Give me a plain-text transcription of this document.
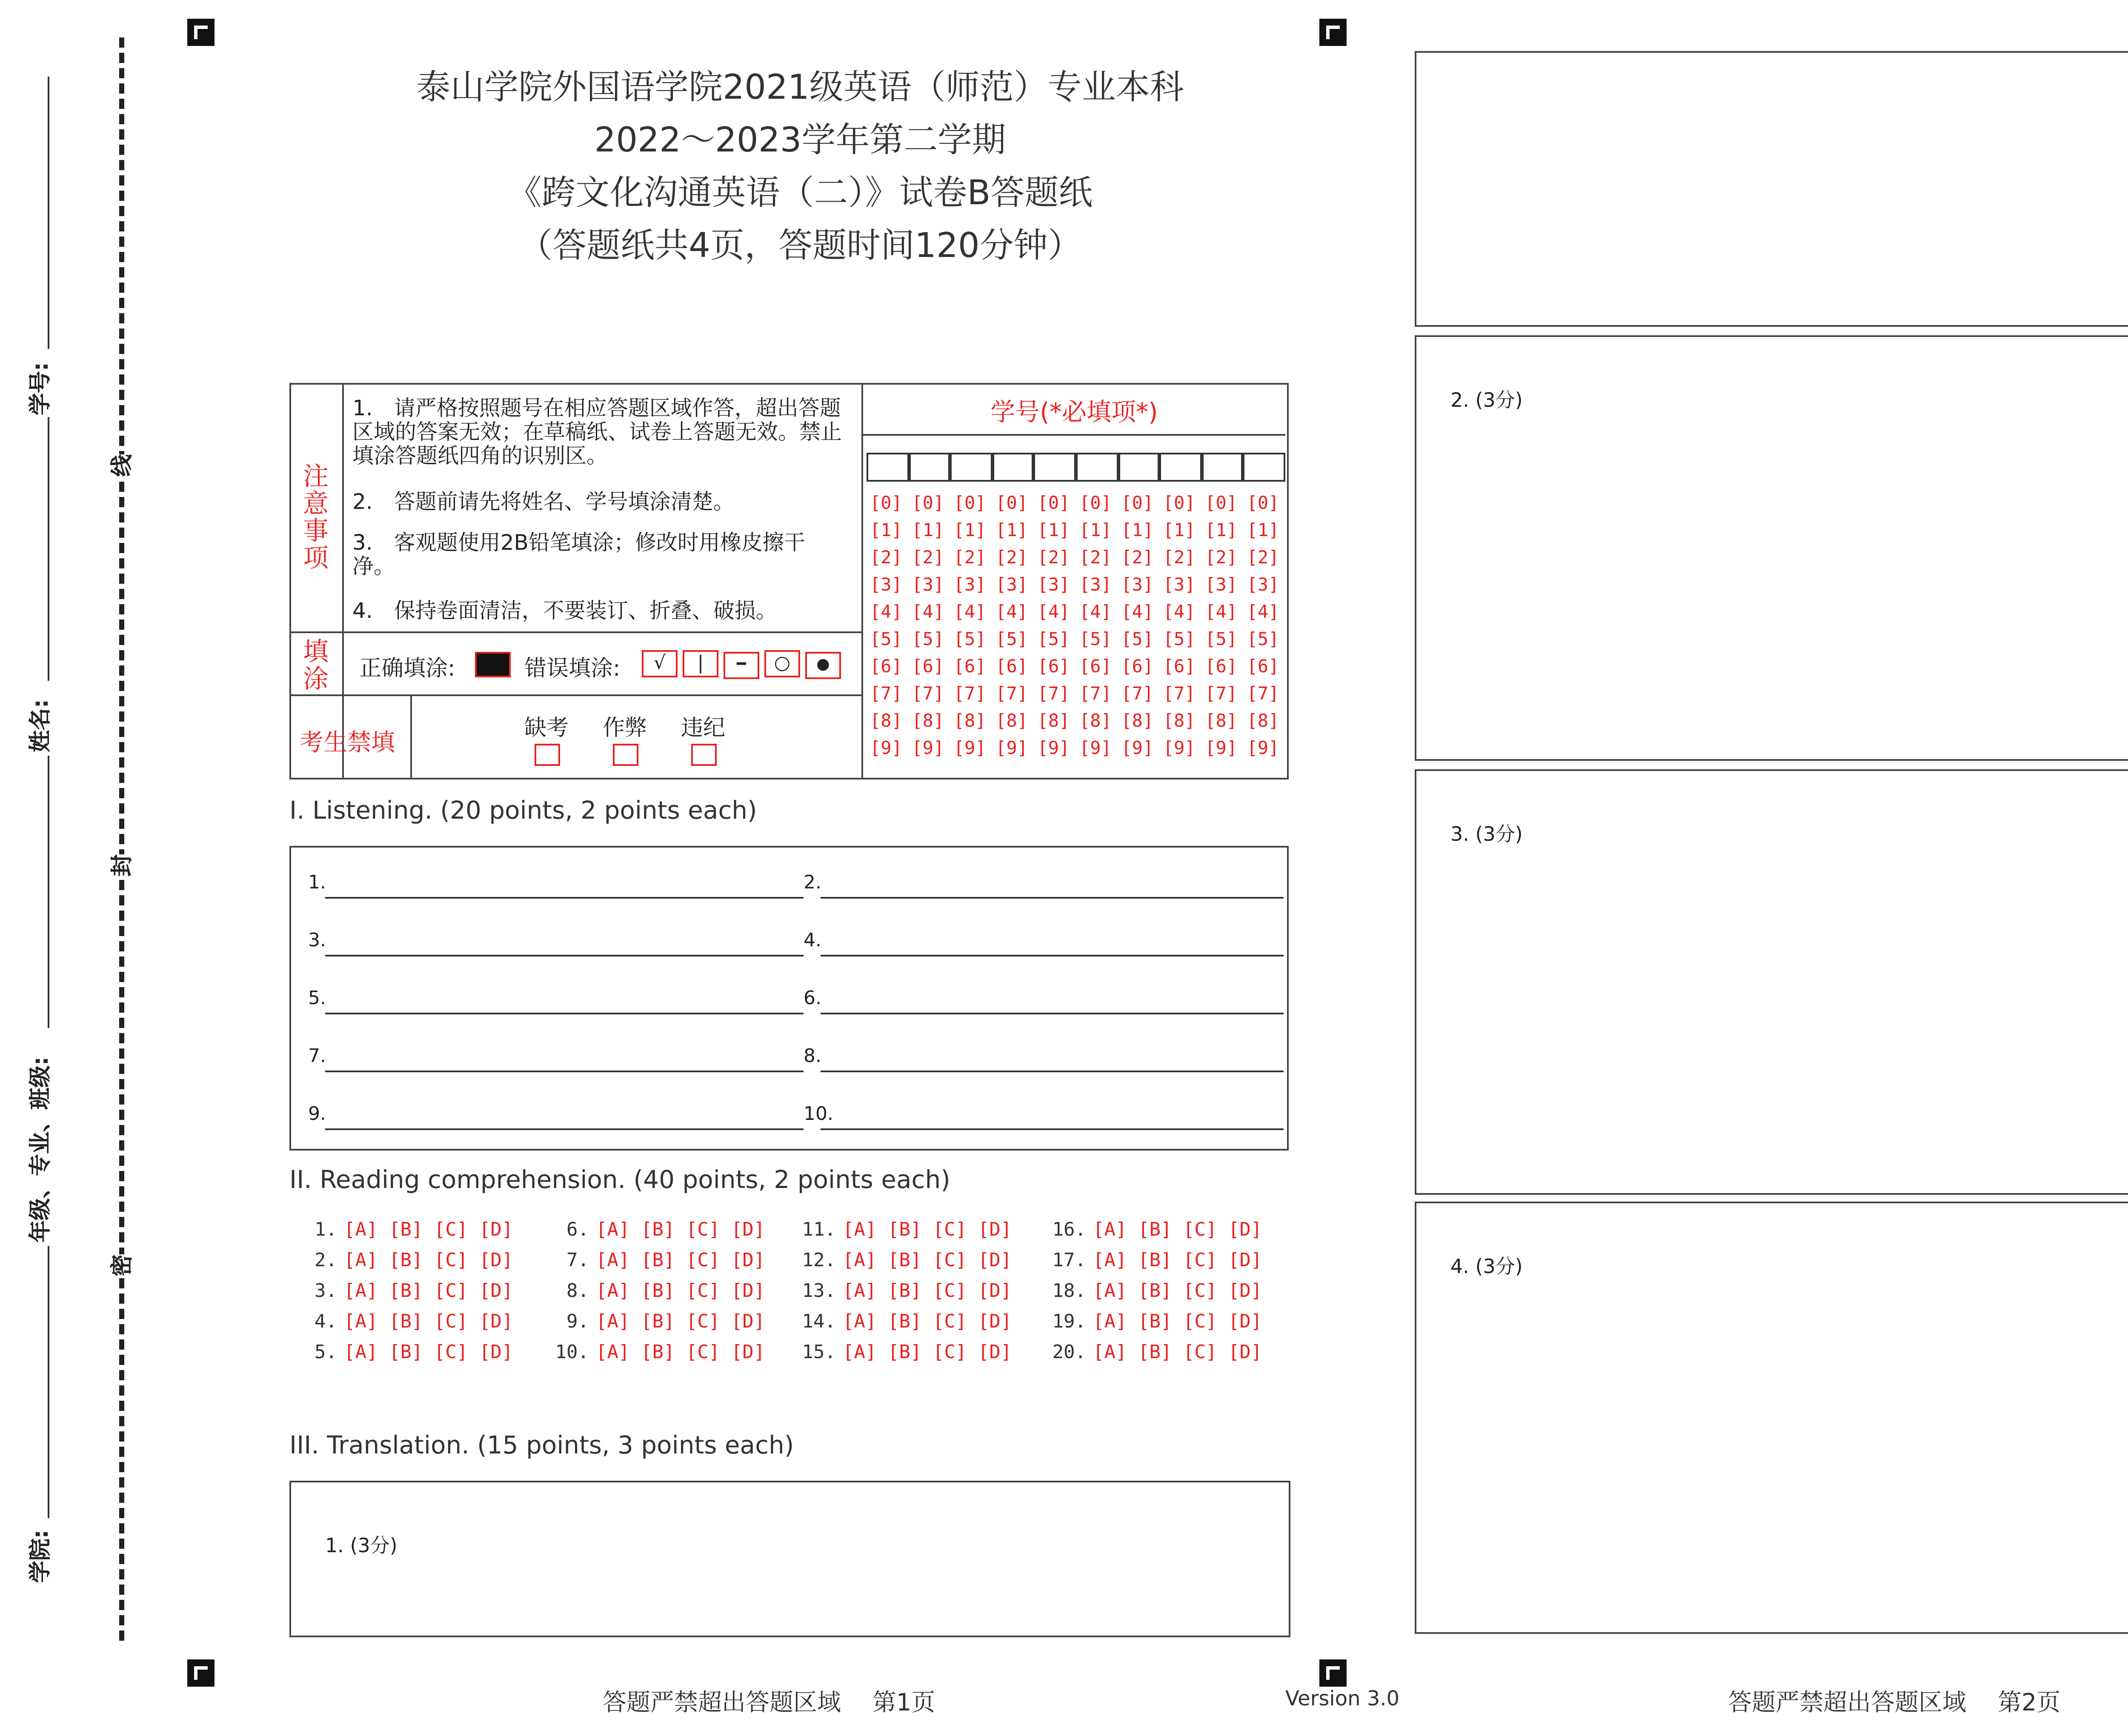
学号:
姓名:
年级、专业、班级:
学院:
线
封
密
泰山学院外国语学院2021级英语（师范）专业本科
2022～2023学年第二学期
《跨文化沟通英语（二）》试卷B答题纸
（答题纸共4页，答题时间120分钟）
注
意
事
项
1.　请严格按照题号在相应答题区域作答，超出答题区域的答案无效；在草稿纸、试卷上答题无效。禁止填涂答题纸四角的识别区。
2.　答题前请先将姓名、学号填涂清楚。
3.　客观题使用2B铅笔填涂；修改时用橡皮擦干净。
4.　保持卷面清洁，不要装订、折叠、破损。
填
涂	正确填涂:	错误填涂:	√	|	━	○	●
考生禁填
缺考	作弊	违纪
学号(*必填项*)
[0] [0] [0] [0] [0] [0] [0] [0] [0] [0]
[1] [1] [1] [1] [1] [1] [1] [1] [1] [1]
[2] [2] [2] [2] [2] [2] [2] [2] [2] [2]
[3] [3] [3] [3] [3] [3] [3] [3] [3] [3]
[4] [4] [4] [4] [4] [4] [4] [4] [4] [4]
[5] [5] [5] [5] [5] [5] [5] [5] [5] [5]
[6] [6] [6] [6] [6] [6] [6] [6] [6] [6]
[7] [7] [7] [7] [7] [7] [7] [7] [7] [7]
[8] [8] [8] [8] [8] [8] [8] [8] [8] [8]
[9] [9] [9] [9] [9] [9] [9] [9] [9] [9]
I. Listening. (20 points, 2 points each)
1.	2.
3.	4.
5.	6.
7.	8.
9.	10.
II. Reading comprehension. (40 points, 2 points each)
1. [A] [B] [C] [D]
2. [A] [B] [C] [D]
3. [A] [B] [C] [D]
4. [A] [B] [C] [D]
5. [A] [B] [C] [D]
6. [A] [B] [C] [D]
7. [A] [B] [C] [D]
8. [A] [B] [C] [D]
9. [A] [B] [C] [D]
10. [A] [B] [C] [D]
11. [A] [B] [C] [D]
12. [A] [B] [C] [D]
13. [A] [B] [C] [D]
14. [A] [B] [C] [D]
15. [A] [B] [C] [D]
16. [A] [B] [C] [D]
17. [A] [B] [C] [D]
18. [A] [B] [C] [D]
19. [A] [B] [C] [D]
20. [A] [B] [C] [D]
III. Translation. (15 points, 3 points each)
1. (3分)
2. (3分)
3. (3分)
4. (3分)
答题严禁超出答题区域　 第1页	Version 3.0	答题严禁超出答题区域　 第2页
